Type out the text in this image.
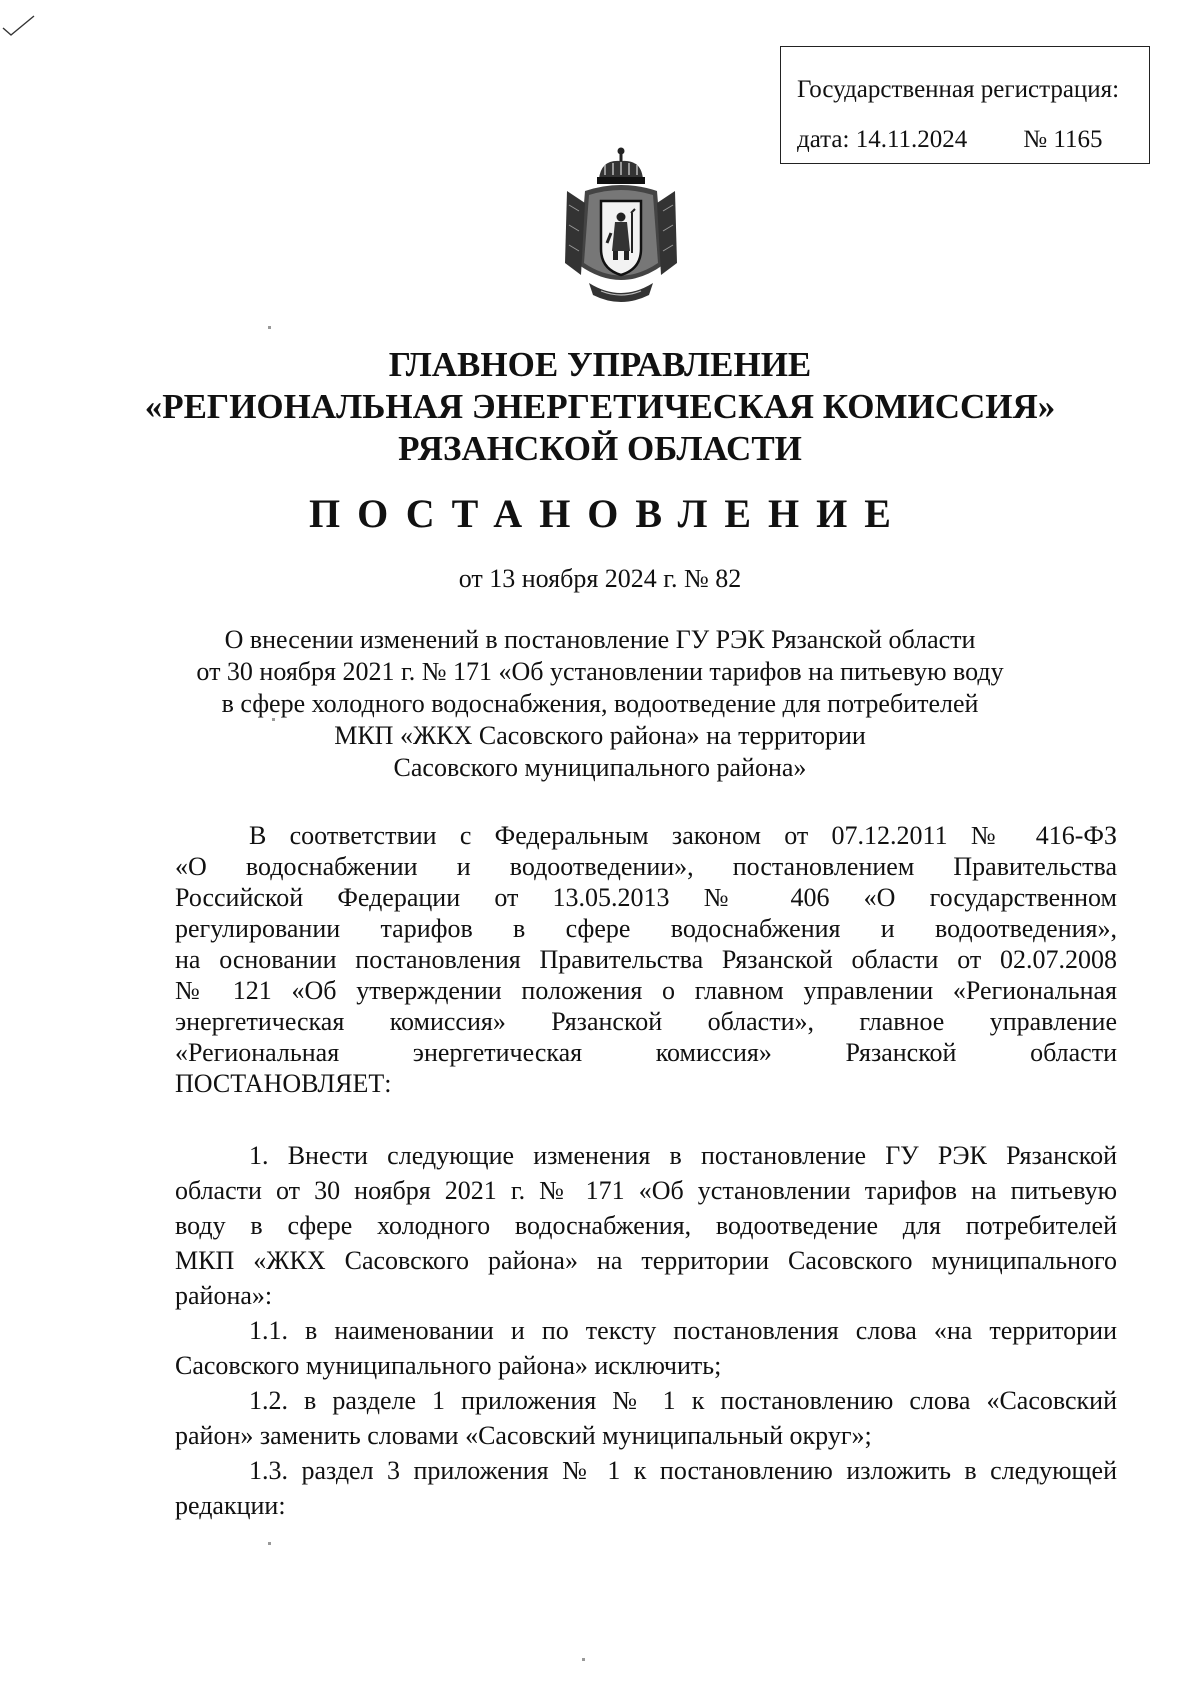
Государственная регистрация:
дата: 14.11.2024 № 1165
ГЛАВНОЕ УПРАВЛЕНИЕ
«РЕГИОНАЛЬНАЯ ЭНЕРГЕТИЧЕСКАЯ КОМИССИЯ»
РЯЗАНСКОЙ ОБЛАСТИ
ПОСТАНОВЛЕНИЕ
от 13 ноября 2024 г. № 82
О внесении изменений в постановление ГУ РЭК Рязанской области
от 30 ноября 2021 г. № 171 «Об установлении тарифов на питьевую воду
в сфере холодного водоснабжения, водоотведение для потребителей
МКП «ЖКХ Сасовского района» на территории
Сасовского муниципального района»
В соответствии с Федеральным законом от 07.12.2011 № 416-ФЗ
«О водоснабжении и водоотведении», постановлением Правительства
Российской Федерации от 13.05.2013 № 406 «О государственном
регулировании тарифов в сфере водоснабжения и водоотведения»,
на основании постановления Правительства Рязанской области от 02.07.2008
№ 121 «Об утверждении положения о главном управлении «Региональная
энергетическая комиссия» Рязанской области», главное управление
«Региональная энергетическая комиссия» Рязанской области
ПОСТАНОВЛЯЕТ:
1. Внести следующие изменения в постановление ГУ РЭК Рязанской
области от 30 ноября 2021 г. № 171 «Об установлении тарифов на питьевую
воду в сфере холодного водоснабжения, водоотведение для потребителей
МКП «ЖКХ Сасовского района» на территории Сасовского муниципального
района»:
1.1. в наименовании и по тексту постановления слова «на территории
Сасовского муниципального района» исключить;
1.2. в разделе 1 приложения № 1 к постановлению слова «Сасовский
район» заменить словами «Сасовский муниципальный округ»;
1.3. раздел 3 приложения № 1 к постановлению изложить в следующей
редакции:
